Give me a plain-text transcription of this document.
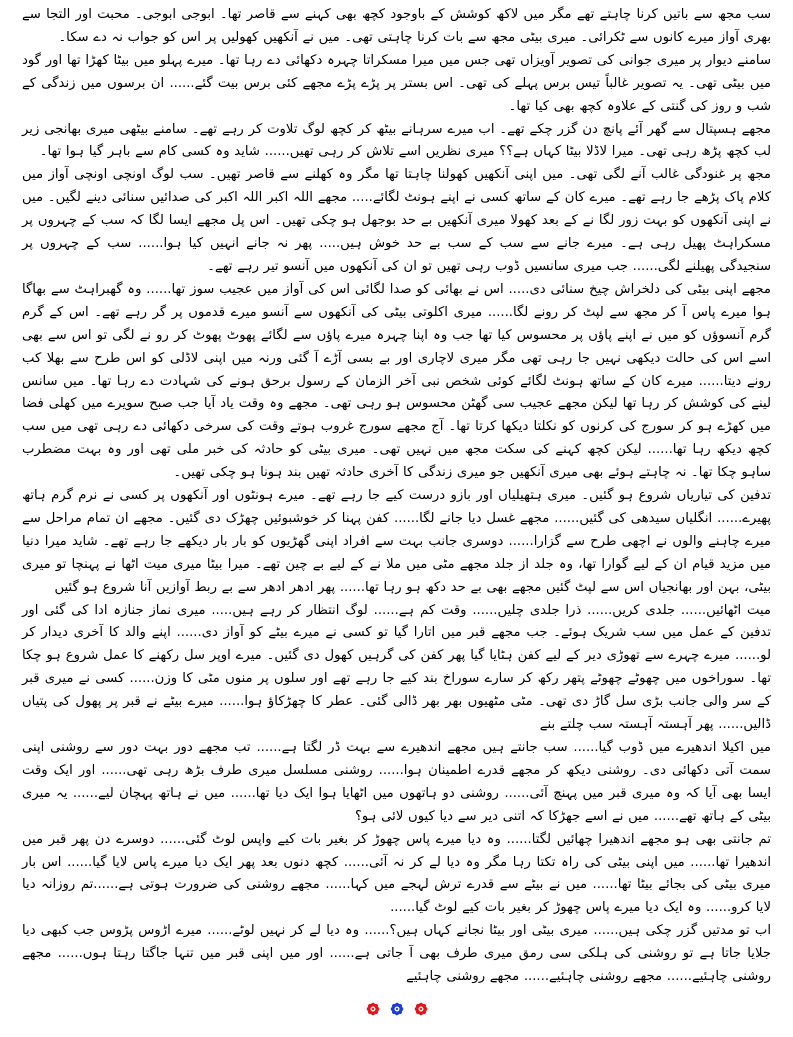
سب مجھ سے باتیں کرنا چاہتے تھے مگر میں لاکھ کوشش کے باوجود کچھ بھی کہنے سے قاصر تھا۔ ابوجی ابوجی۔ محبت اور التجا سے بھری آواز میرے کانوں سے ٹکرائی۔ میری بیٹی مجھ سے بات کرنا چاہتی تھی۔ میں نے آنکھیں کھولیں پر اس کو جواب نہ دے سکا۔

سامنے دیوار پر میری جوانی کی تصویر آویزاں تھی جس میں میرا مسکراتا چہرہ دکھائی دے رہا تھا۔ میرے پہلو میں بیٹا کھڑا تھا اور گود میں بیٹی تھی۔ یہ تصویر غالباً تیس برس پہلے کی تھی۔ اس بستر پر پڑے پڑے مجھے کئی برس بیت گئے...... ان برسوں میں زندگی کے شب و روز کی گنتی کے علاوہ کچھ بھی کیا تھا۔

مجھے ہسپتال سے گھر آئے پانچ دن گزر چکے تھے۔ اب میرے سرہانے بیٹھ کر کچھ لوگ تلاوت کر رہے تھے۔ سامنے بیٹھی میری بھانجی زیر لب کچھ پڑھ رہی تھی۔ میرا لاڈلا بیٹا کہاں ہے؟؟ میری نظریں اسے تلاش کر رہی تھیں...... شاید وہ کسی کام سے باہر گیا ہوا تھا۔

مجھ پر غنودگی غالب آنے لگی تھی۔ میں اپنی آنکھیں کھولنا چاہتا تھا مگر وہ کھلنے سے قاصر تھیں۔ سب لوگ اونچی اونچی آواز میں کلام پاک پڑھے جا رہے تھے۔ میرے کان کے ساتھ کسی نے اپنے ہونٹ لگائے..... مجھے اللہ اکبر اللہ اکبر کی صدائیں سنائی دینے لگیں۔ میں نے اپنی آنکھوں کو بہت زور لگا نے کے بعد کھولا میری آنکھیں بے حد بوجھل ہو چکی تھیں۔ اس پل مجھے ایسا لگا کہ سب کے چہروں پر مسکراہٹ پھیل رہی ہے۔ میرے جانے سے سب کے سب بے حد خوش ہیں..... پھر نہ جانے انہیں کیا ہوا...... سب کے چہروں پر سنجیدگی پھیلنے لگی...... جب میری سانسیں ڈوب رہی تھیں تو ان کی آنکھوں میں آنسو تیر رہے تھے۔

مجھے اپنی بیٹی کی دلخراش چیخ سنائی دی..... اس نے بھائی کو صدا لگائی اس کی آواز میں عجیب سوز تھا...... وہ گھبراہٹ سے بھاگا ہوا میرے پاس آ کر مجھ سے لپٹ کر رونے لگا...... میری اکلوتی بیٹی کی آنکھوں سے آنسو میرے قدموں پر گر رہے تھے۔ اس کے گرم گرم آنسوؤں کو میں نے اپنے پاؤں پر محسوس کیا تھا جب وہ اپنا چہرہ میرے پاؤں سے لگائے پھوٹ پھوٹ کر رو نے لگی تو اس سے بھی اسے اس کی حالت دیکھی نہیں جا رہی تھی مگر میری لاچاری اور بے بسی آڑے آ گئی ورنہ میں اپنی لاڈلی کو اس طرح سے بھلا کب رونے دیتا...... میرے کان کے ساتھ ہونٹ لگائے کوئی شخص نبی آخر الزمان کے رسول برحق ہونے کی شہادت دے رہا تھا۔ میں سانس لینے کی کوشش کر رہا تھا لیکن مجھے عجیب سی گھٹن محسوس ہو رہی تھی۔ مجھے وہ وقت یاد آیا جب صبح سویرے میں کھلی فضا میں کھڑے ہو کر سورج کی کرنوں کو نکلتا دیکھا کرتا تھا۔ آج مجھے سورج غروب ہوتے وقت کی سرخی دکھائی دے رہی تھی میں سب کچھ دیکھ رہا تھا...... لیکن کچھ کہنے کی سکت مجھ میں نہیں تھی۔ میری بیٹی کو حادثہ کی خبر ملی تھی اور وہ بہت مضطرب ساہو چکا تھا۔ نہ چاہتے ہوئے بھی میری آنکھیں جو میری زندگی کا آخری حادثہ تھیں بند ہونا ہو چکی تھیں۔

تدفین کی تیاریاں شروع ہو گئیں۔ میری ہتھیلیاں اور بازو درست کیے جا رہے تھے۔ میرے ہونٹوں اور آنکھوں پر کسی نے نرم گرم ہاتھ پھیرے...... انگلیاں سیدھی کی گئیں...... مجھے غسل دیا جانے لگا...... کفن پہنا کر خوشبوئیں چھڑک دی گئیں۔ مجھے ان تمام مراحل سے میرے چاہنے والوں نے اچھی طرح سے گزارا...... دوسری جانب بہت سے افراد اپنی گھڑیوں کو بار بار دیکھے جا رہے تھے۔ شاید میرا دنیا میں مزید قیام ان کے لیے گوارا تھا، وہ جلد از جلد مجھے مٹی میں ملا نے کے لیے بے چین تھے۔ میرا بیٹا میری میت اٹھا نے پہنچا تو میری بیٹی، بہن اور بھانجیاں اس سے لپٹ گئیں مجھے بھی بے حد دکھ ہو رہا تھا...... پھر ادھر ادھر سے بے ربط آوازیں آنا شروع ہو گئیں

میت اٹھائیں...... جلدی کریں...... ذرا جلدی چلیں...... وقت کم ہے...... لوگ انتظار کر رہے ہیں..... میری نماز جنازہ ادا کی گئی اور تدفین کے عمل میں سب شریک ہوئے۔ جب مجھے قبر میں اتارا گیا تو کسی نے میرے بیٹے کو آواز دی...... اپنے والد کا آخری دیدار کر لو...... میرے چہرے سے تھوڑی دیر کے لیے کفن ہٹایا گیا پھر کفن کی گرہیں کھول دی گئیں۔ میرے اوپر سل رکھنے کا عمل شروع ہو چکا تھا۔ سوراخوں میں چھوٹے چھوٹے پتھر رکھ کر سارے سوراخ بند کیے جا رہے تھے اور سلوں پر منوں مٹی کا وزن...... کسی نے میری قبر کے سر والی جانب بڑی سل گاڑ دی تھی۔ مٹی مٹھیوں بھر بھر ڈالی گئی۔ عطر کا چھڑکاؤ ہوا...... میرے بیٹے نے قبر پر پھول کی پتیاں ڈالیں...... پھر آہستہ آہستہ سب چلتے بنے

میں اکیلا اندھیرے میں ڈوب گیا...... سب جانتے ہیں مجھے اندھیرے سے بہت ڈر لگتا ہے...... تب مجھے دور بہت دور سے روشنی اپنی سمت آتی دکھائی دی۔ روشنی دیکھ کر مجھے قدرے اطمینان ہوا...... روشنی مسلسل میری طرف بڑھ رہی تھی...... اور ایک وقت ایسا بھی آیا کہ وہ میری قبر میں پہنچ آئی...... روشنی دو ہاتھوں میں اٹھایا ہوا ایک دیا تھا...... میں نے ہاتھ پہچان لیے...... یہ میری بیٹی کے ہاتھ تھے...... میں نے اسے جھڑکا کہ اتنی دیر سے دیا کیوں لائی ہو؟

تم جانتی بھی ہو مجھے اندھیرا چھائیں لگتا...... وہ دیا میرے پاس چھوڑ کر بغیر بات کیے واپس لوٹ گئی...... دوسرے دن پھر قبر میں اندھیرا تھا...... میں اپنی بیٹی کی راہ تکتا رہا مگر وہ دیا لے کر نہ آئی...... کچھ دنوں بعد پھر ایک دیا میرے پاس لایا گیا...... اس بار میری بیٹی کی بجائے بیٹا تھا...... میں نے بیٹے سے قدرے ترش لہجے میں کہا...... مجھے روشنی کی ضرورت ہوتی ہے......تم روزانہ دیا لایا کرو...... وہ ایک دیا میرے پاس چھوڑ کر بغیر بات کیے لوٹ گیا......

اب تو مدتیں گزر چکی ہیں...... میری بیٹی اور بیٹا نجانے کہاں ہیں؟...... وہ دیا لے کر نہیں لوٹے...... میرے اڑوس پڑوس جب کبھی دیا جلایا جاتا ہے تو روشنی کی ہلکی سی رمق میری طرف بھی آ جاتی ہے...... اور میں اپنی قبر میں تنہا جاگتا رہتا ہوں...... مجھے روشنی چاہئیے...... مجھے روشنی چاہئیے...... مجھے روشنی چاہئیے
